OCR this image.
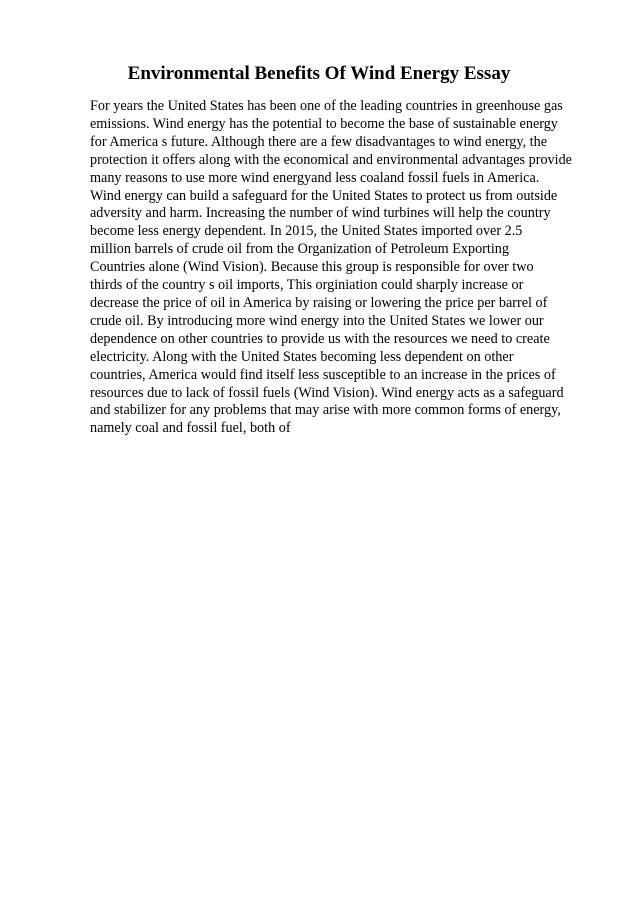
Environmental Benefits Of Wind Energy Essay
For years the United States has been one of the leading countries in greenhouse gas
emissions. Wind energy has the potential to become the base of sustainable energy
for America s future. Although there are a few disadvantages to wind energy, the
protection it offers along with the economical and environmental advantages provide
many reasons to use more wind energyand less coaland fossil fuels in America.
Wind energy can build a safeguard for the United States to protect us from outside
adversity and harm. Increasing the number of wind turbines will help the country
become less energy dependent. In 2015, the United States imported over 2.5
million barrels of crude oil from the Organization of Petroleum Exporting
Countries alone (Wind Vision). Because this group is responsible for over two
thirds of the country s oil imports, This orginiation could sharply increase or
decrease the price of oil in America by raising or lowering the price per barrel of
crude oil. By introducing more wind energy into the United States we lower our
dependence on other countries to provide us with the resources we need to create
electricity. Along with the United States becoming less dependent on other
countries, America would find itself less susceptible to an increase in the prices of
resources due to lack of fossil fuels (Wind Vision). Wind energy acts as a safeguard
and stabilizer for any problems that may arise with more common forms of energy,
namely coal and fossil fuel, both of
